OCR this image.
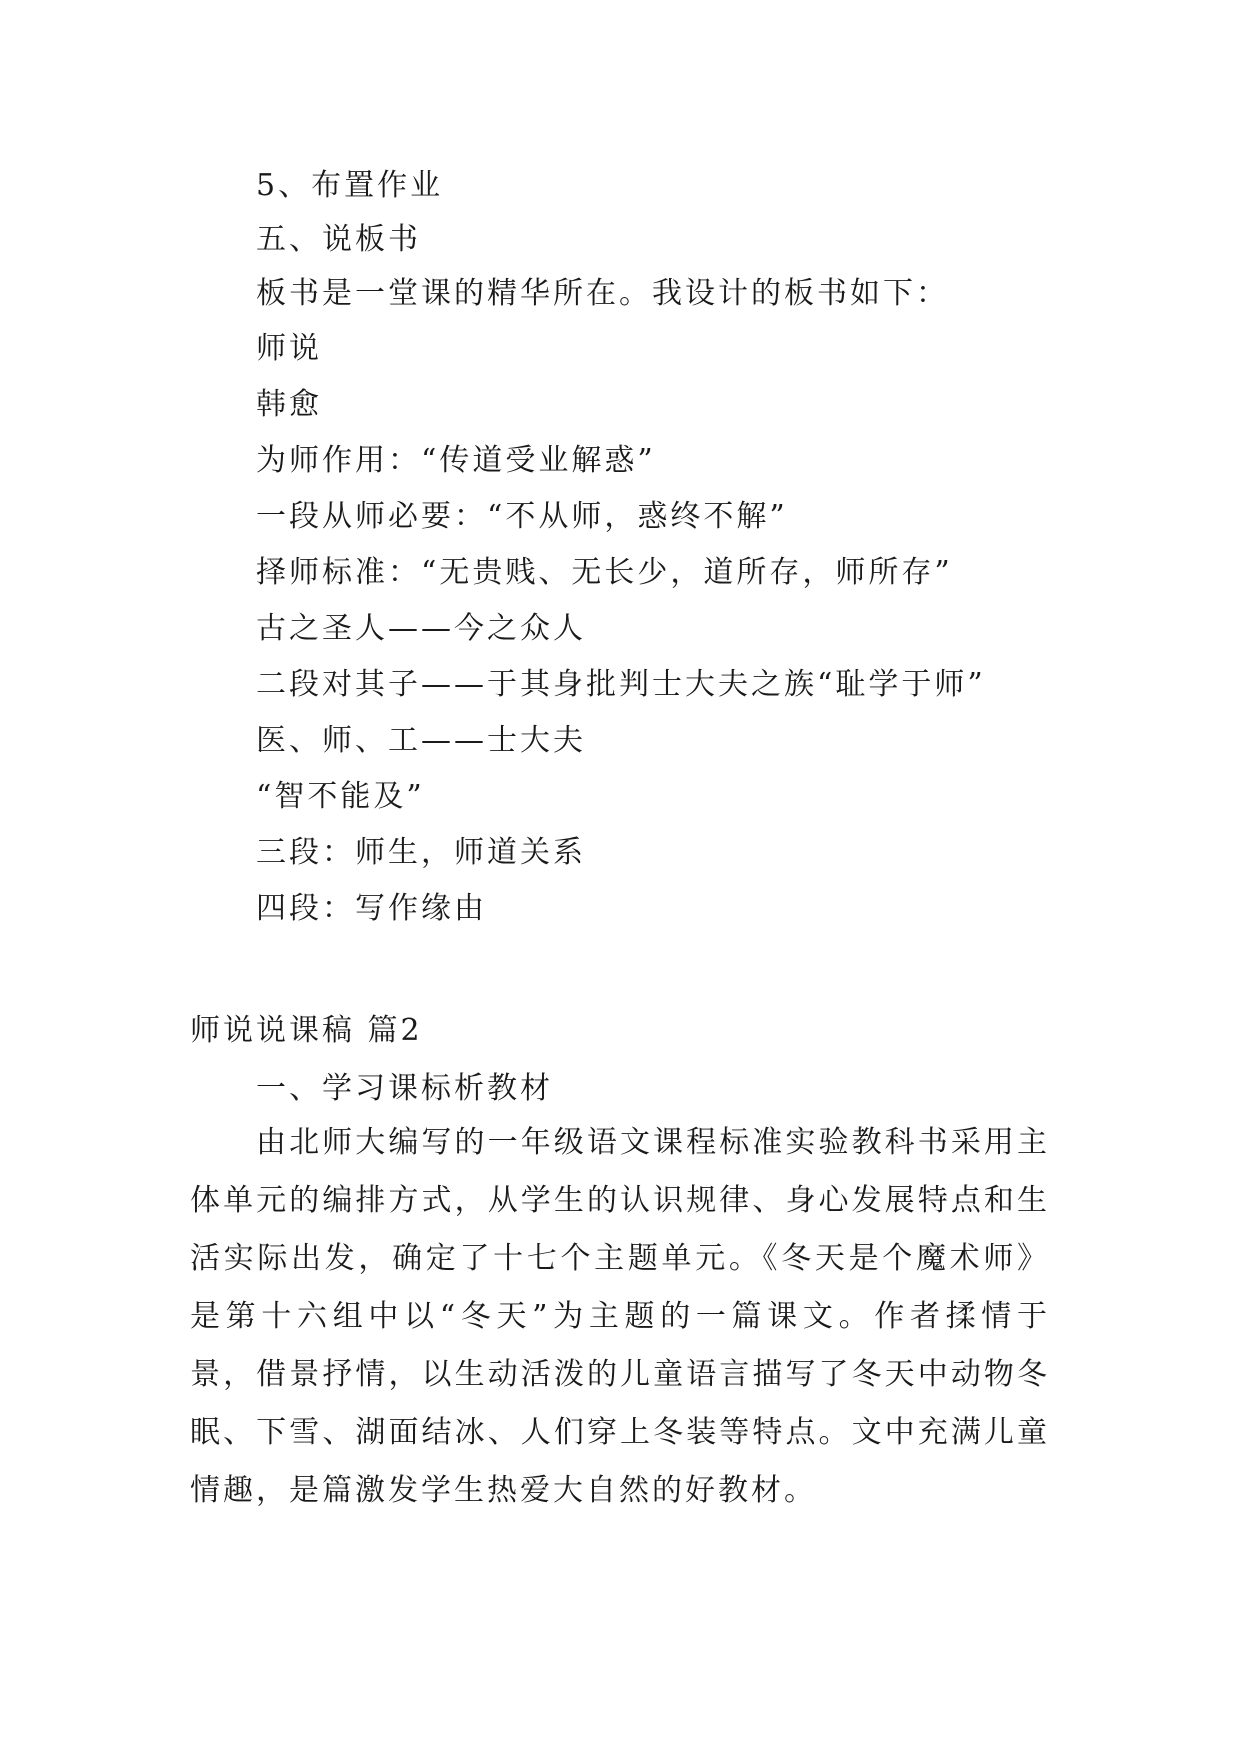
5、布置作业
五、说板书
板书是一堂课的精华所在。我设计的板书如下：
师说
韩愈
为师作用：“传道受业解惑”
一段从师必要：“不从师，惑终不解”
择师标准：“无贵贱、无长少，道所存，师所存”
古之圣人——今之众人
二段对其子——于其身批判士大夫之族“耻学于师”
医、师、工——士大夫
“智不能及”
三段：师生，师道关系
四段：写作缘由
师说说课稿 篇2
一、学习课标析教材

由北师大编写的一年级语文课程标准实验教科书采用主体单元的编排方式，从学生的认识规律、身心发展特点和生活实际出发，确定了十七个主题单元。《冬天是个魔术师》是第十六组中以“冬天”为主题的一篇课文。作者揉情于景，借景抒情，以生动活泼的儿童语言描写了冬天中动物冬眠、下雪、湖面结冰、人们穿上冬装等特点。文中充满儿童情趣，是篇激发学生热爱大自然的好教材。
